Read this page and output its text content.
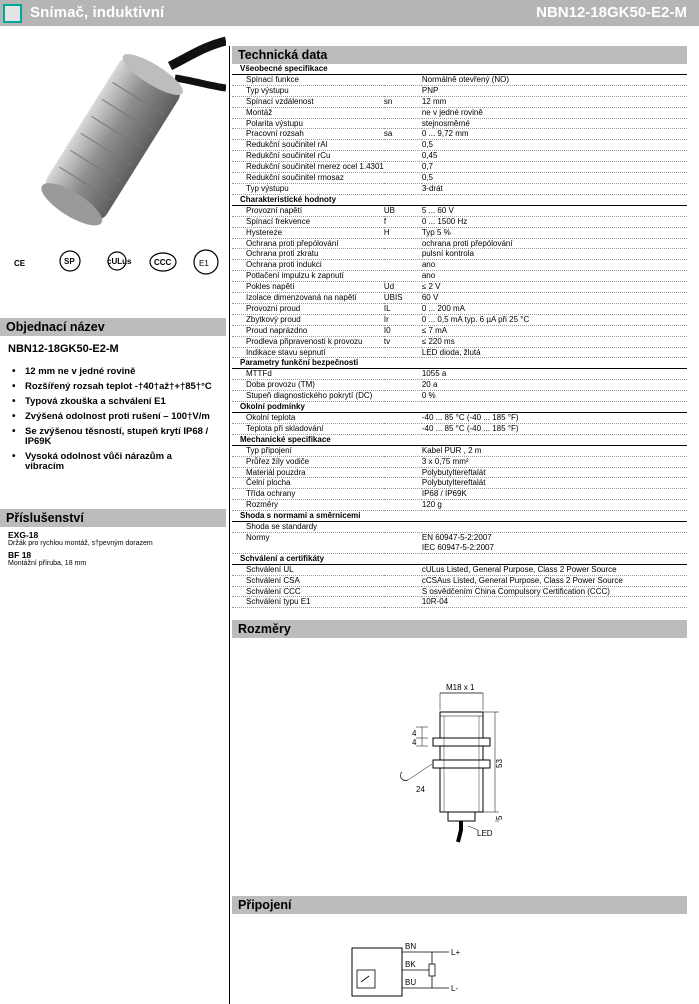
Snímač, induktivní	NBN12-18GK50-E2-M
CE	SP	cULus	CCC	E1
Objednací název
NBN12-18GK50-E2-M
• 12 mm ne v jedné rovině
• Rozšířený rozsah teplot -†40†až†+†85†°C
• Typová zkouška a schválení E1
• Zvýšená odolnost proti rušení – 100†V/m
• Se zvýšenou těsností, stupeň krytí IP68 / IP69K
• Vysoká odolnost vůči nárazům a vibracím
Příslušenství
EXG-18
Držák pro rychlou montáž, s†pevným dorazem
BF 18
Montážní příruba, 18 mm
Technická data
Všeobecné specifikace		
Spínací funkce		Normálně otevřený (NO)

Typ výstupu		PNP

Spínací vzdálenost	sn	12 mm

Montáž		ne v jedné rovině

Polarita výstupu		stejnosměrné

Pracovní rozsah	sa	0 ... 9,72 mm

Redukční součinitel rAl		0,5

Redukční součinitel rCu		0,45

Redukční součinitel rnerez ocel 1.4301		0,7

Redukční součinitel rmosaz		0,5

Typ výstupu		3-drát

Charakteristické hodnoty		
Provozní napětí	UB	5 ... 60 V

Spínací frekvence	f	0 ... 1500 Hz

Hystereze	H	Typ 5 %

Ochrana proti přepólování		ochrana proti přepólování

Ochrana proti zkratu		pulsní kontrola

Ochrana proti indukci		ano

Potlačení impulzu k zapnutí		ano

Pokles napětí	Ud	≤ 2 V

Izolace dimenzovaná na napětí	UBIS	60 V

Provozní proud	IL	0 ... 200 mA

Zbytkový proud	Ir	0 ... 0,5 mA typ. 6 µA při 25 °C

Proud naprázdno	I0	≤ 7 mA

Prodleva připravenosti k provozu	tv	≤ 220 ms

Indikace stavu sepnutí		LED dioda, žlutá

Parametry funkční bezpečnosti		
MTTFd		1055 a

Doba provozu (TM)		20 a

Stupeň diagnostického pokrytí (DC)		0 %

Okolní podmínky		
Okolní teplota		-40 ... 85 °C (-40 ... 185 °F)

Teplota při skladování		-40 ... 85 °C (-40 ... 185 °F)

Mechanické specifikace		
Typ připojení		Kabel PUR , 2 m

Průřez žíly vodiče		3 x 0,75 mm²

Materiál pouzdra		Polybutyltereftalát

Čelní plocha		Polybutyltereftalát

Třída ochrany		IP68 / IP69K

Rozměry		120 g

Shoda s normami a směrnicemi		
Shoda se standardy		

Normy		EN 60947-5-2:2007
IEC 60947-5-2:2007

Schválení a certifikáty		
Schválení UL		cULus Listed, General Purpose, Class 2 Power Source

Schválení CSA		cCSAus Listed, General Purpose, Class 2 Power Source

Schválení CCC		S osvědčením China Compulsory Certification (CCC)

Schválení typu E1		10R-04
Rozměry
M18 x 1
4
4
53
5
24
LED
Připojení
BN
BK
BU
L+
L-
